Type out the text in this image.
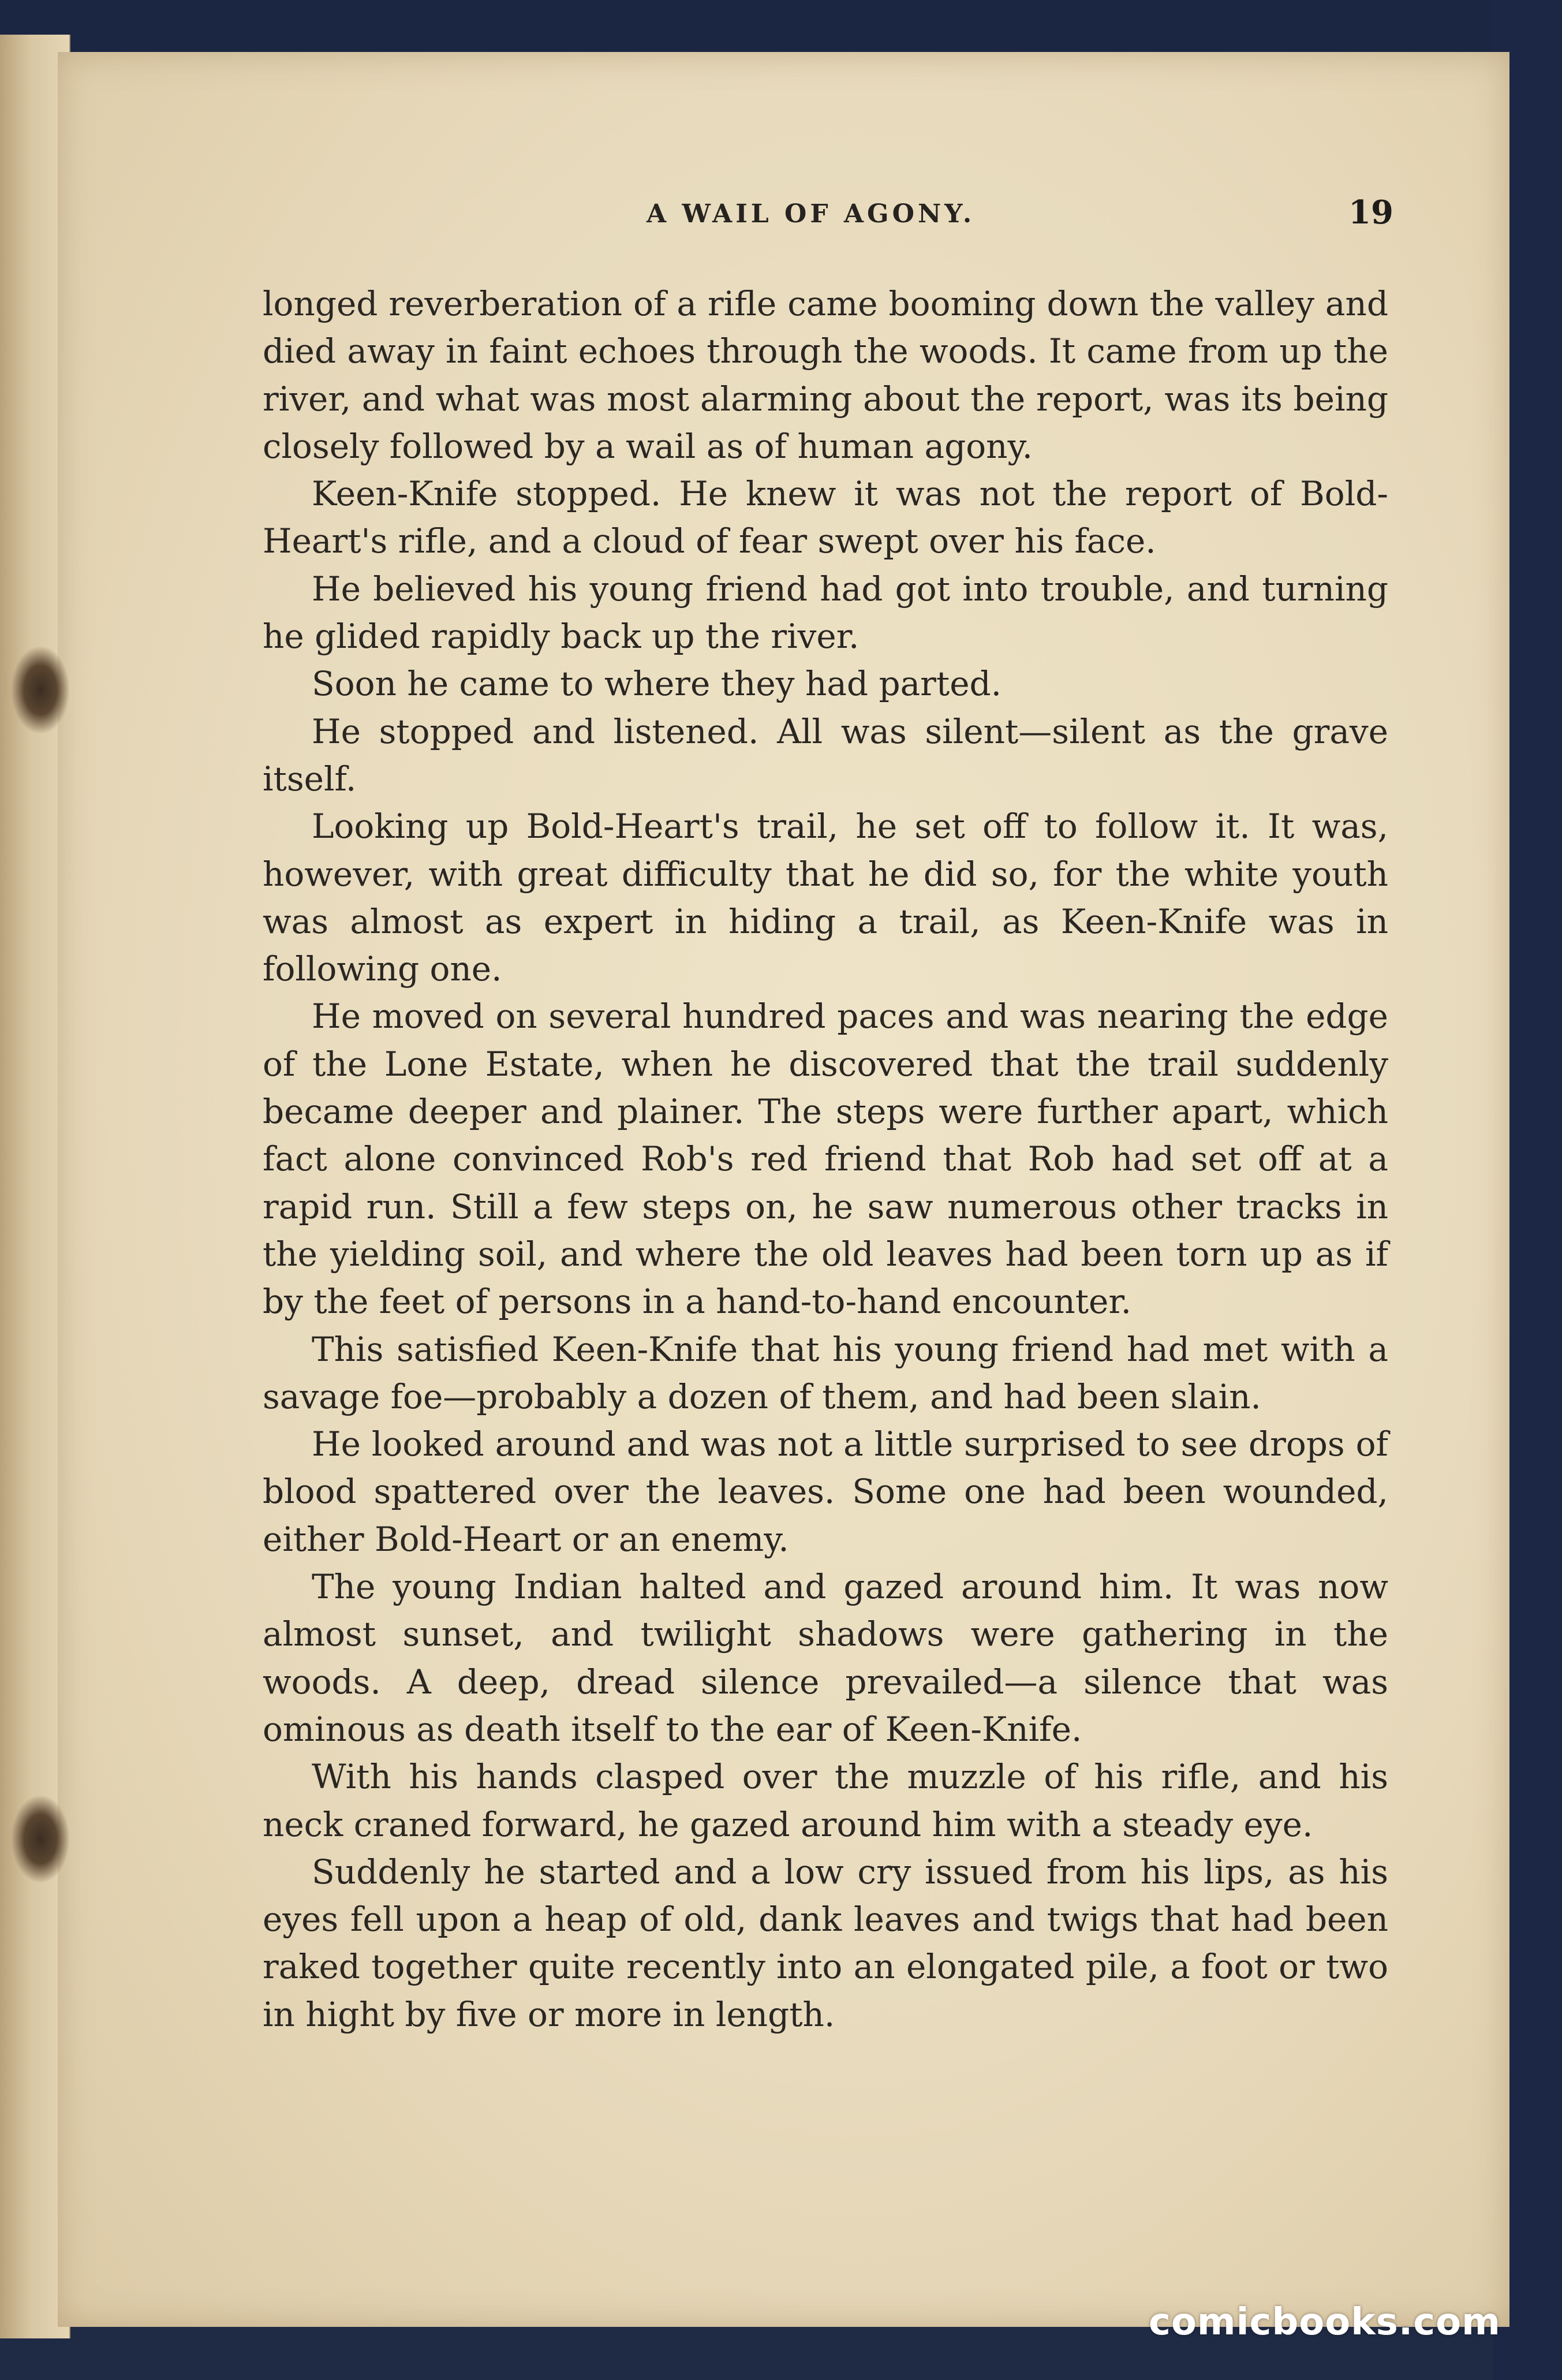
A WAIL OF AGONY.	19

longed reverberation of a rifle came booming down the valley and died away in faint echoes through the woods. It came from up the river, and what was most alarming about the report, was its being closely followed by a wail as of human agony.

Keen-Knife stopped. He knew it was not the report of Bold-Heart's rifle, and a cloud of fear swept over his face.

He believed his young friend had got into trouble, and turning he glided rapidly back up the river.

Soon he came to where they had parted.

He stopped and listened. All was silent—silent as the grave itself.

Looking up Bold-Heart's trail, he set off to follow it. It was, however, with great difficulty that he did so, for the white youth was almost as expert in hiding a trail, as Keen-Knife was in following one.

He moved on several hundred paces and was nearing the edge of the Lone Estate, when he discovered that the trail suddenly became deeper and plainer. The steps were further apart, which fact alone convinced Rob's red friend that Rob had set off at a rapid run. Still a few steps on, he saw numerous other tracks in the yielding soil, and where the old leaves had been torn up as if by the feet of persons in a hand-to-hand encounter.

This satisfied Keen-Knife that his young friend had met with a savage foe—probably a dozen of them, and had been slain.

He looked around and was not a little surprised to see drops of blood spattered over the leaves. Some one had been wounded, either Bold-Heart or an enemy.

The young Indian halted and gazed around him. It was now almost sunset, and twilight shadows were gathering in the woods. A deep, dread silence prevailed—a silence that was ominous as death itself to the ear of Keen-Knife.

With his hands clasped over the muzzle of his rifle, and his neck craned forward, he gazed around him with a steady eye.

Suddenly he started and a low cry issued from his lips, as his eyes fell upon a heap of old, dank leaves and twigs that had been raked together quite recently into an elongated pile, a foot or two in hight by five or more in length.

comicbooks.com
